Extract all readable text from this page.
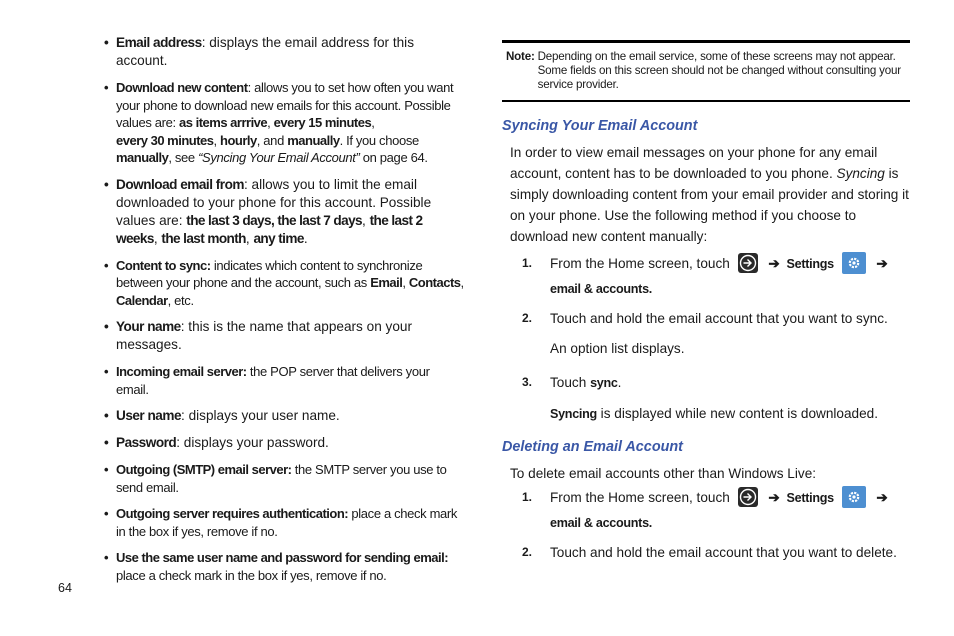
• Email address: displays the email address for this account.
• Download new content: allows you to set how often you want your phone to download new emails for this account. Possible values are: as items arrrive, every 15 minutes,
every 30 minutes, hourly, and manually. If you choose manually, see “Syncing Your Email Account” on page 64.
• Download email from: allows you to limit the email downloaded to your phone for this account. Possible values are: the last 3 days, the last 7 days, the last 2 weeks, the last month, any time.
• Content to sync: indicates which content to synchronize between your phone and the account, such as Email, Contacts, Calendar, etc.
• Your name: this is the name that appears on your messages.
• Incoming email server: the POP server that delivers your email.
• User name: displays your user name.
• Password: displays your password.
• Outgoing (SMTP) email server: the SMTP server you use to send email.
• Outgoing server requires authentication: place a check mark in the box if yes, remove if no.
• Use the same user name and password for sending email: place a check mark in the box if yes, remove if no.
Note: Depending on the email service, some of these screens may not appear. Some fields on this screen should not be changed without consulting your service provider.
Syncing Your Email Account

In order to view email messages on your phone for any email account, content has to be downloaded to you phone. Syncing is simply downloading content from your email provider and storing it on your phone. Use the following method if you choose to download new content manually:

1. From the Home screen, touch	➔ Settings	➔
email & accounts.
2. Touch and hold the email account that you want to sync.
An option list displays.
3. Touch sync.
Syncing is displayed while new content is downloaded.
Deleting an Email Account

To delete email accounts other than Windows Live:

1. From the Home screen, touch	➔ Settings	➔
email & accounts.
2. Touch and hold the email account that you want to delete.
64
